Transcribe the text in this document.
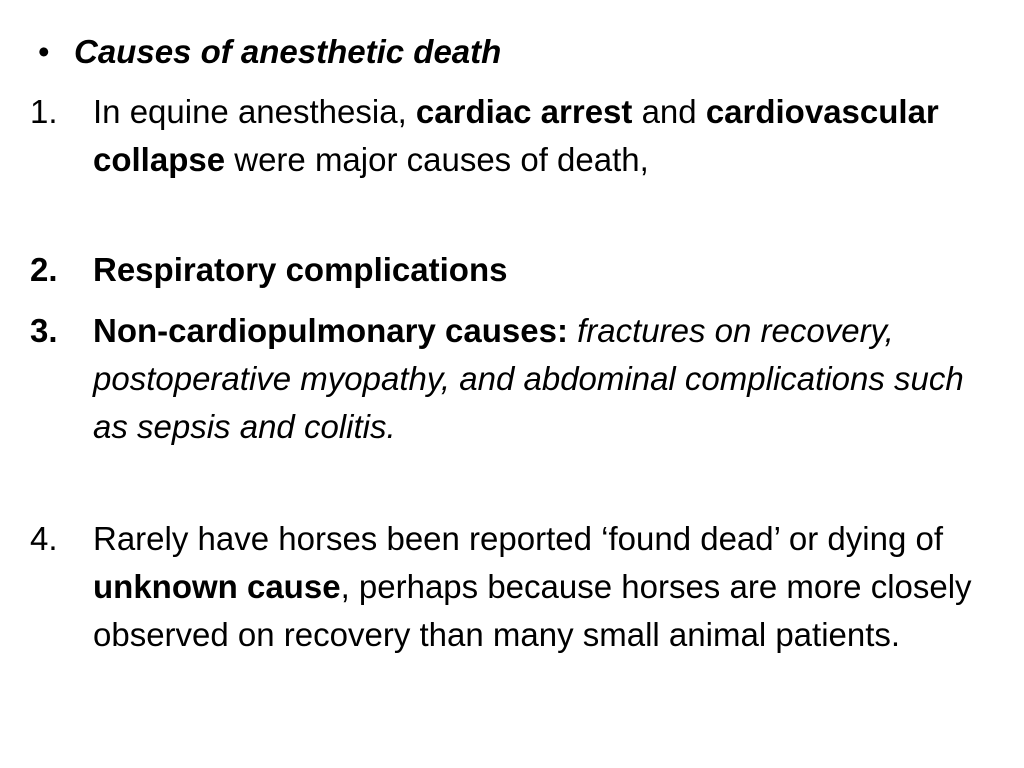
• Causes of anesthetic death
1. In equine anesthesia, cardiac arrest and cardiovascular collapse were major causes of death,
2. Respiratory complications
3. Non-cardiopulmonary causes: fractures on recovery, postoperative myopathy, and abdominal complications such as sepsis and colitis.
4. Rarely have horses been reported ‘found dead’ or dying of unknown cause, perhaps because horses are more closely observed on recovery than many small animal patients.
